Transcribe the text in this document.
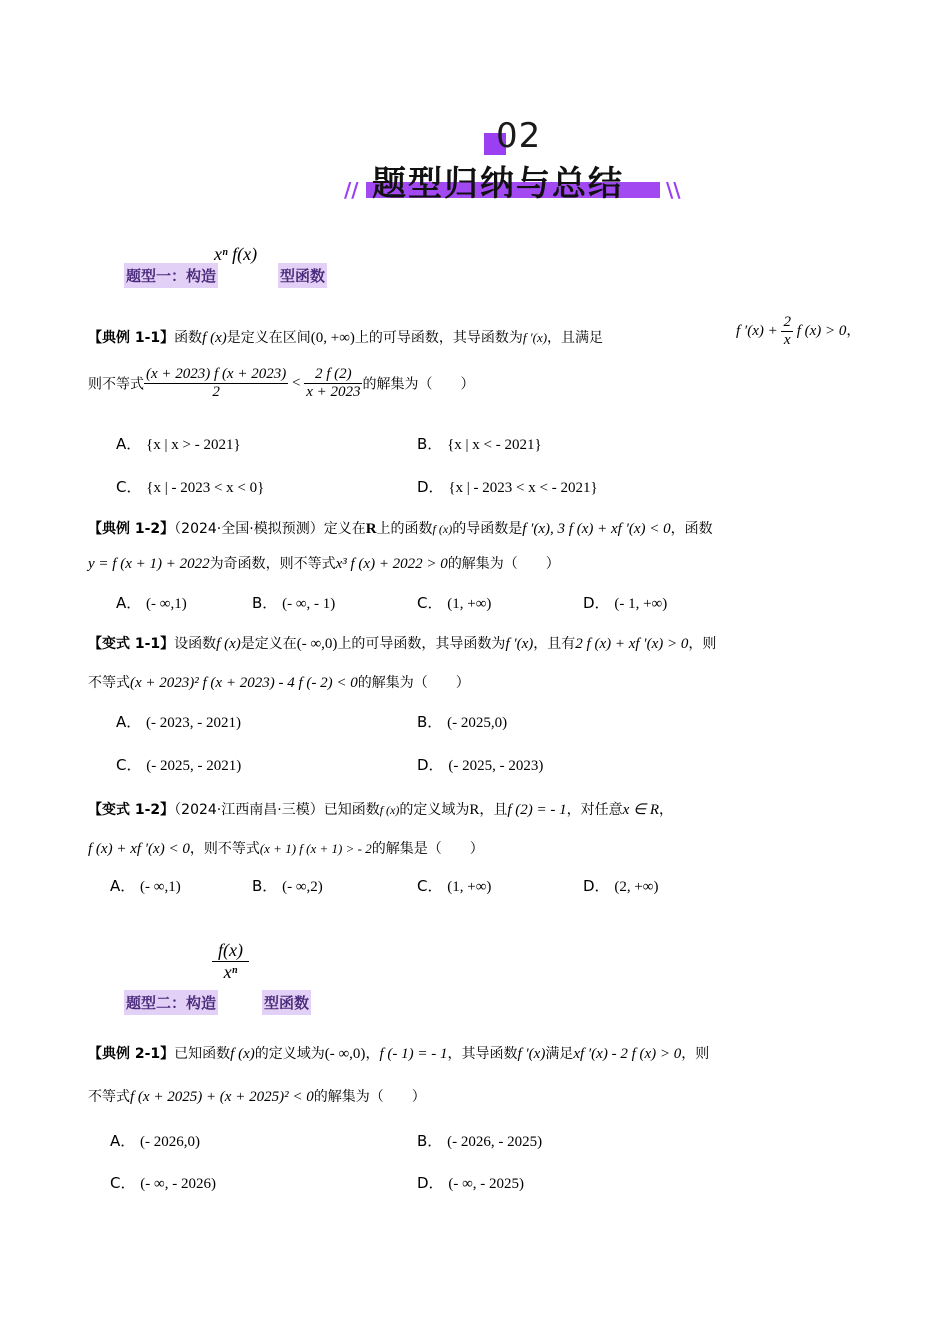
02
题型归纳与总结
//	\\
题型一：构造
xⁿ f(x)
型函数
【典例 1-1】函数f (x)是定义在区间(0, +∞)上的可导函数，其导函数为f ′(x)，且满足	f $'(x) + \frac{2}{x}$ f (x) > 0，
则不等式 $\frac{(x + 2023) f (x + 2023)}{2} < \frac{2 f (2)}{x + 2023}$ 的解集为（　　）
A． {x | x > - 2021}	B． {x | x < - 2021}
C． {x | - 2023 < x < 0}	D． {x | - 2023 < x < - 2021}
【典例 1-2】（2024·全国·模拟预测）定义在R上的函数f (x)的导函数是f ′(x), 3 f (x) + xf ′(x) < 0，函数
y = f (x + 1) + 2022为奇函数，则不等式x³ f (x) + 2022 > 0的解集为（　　）
A． (- ∞,1)	B． (- ∞, - 1)	C． (1, +∞)	D． (- 1, +∞)
【变式 1-1】设函数f (x)是定义在(- ∞,0)上的可导函数，其导函数为f ′(x)，且有2 f (x) + xf ′(x) > 0，则
不等式(x + 2023)² f (x + 2023) - 4 f (- 2) < 0的解集为（　　）
A． (- 2023, - 2021)	B． (- 2025,0)
C． (- 2025, - 2021)	D． (- 2025, - 2023)
【变式 1-2】（2024·江西南昌·三模）已知函数f (x)的定义域为R，且f (2) = - 1，对任意x ∈ R，
f (x) + xf ′(x) < 0，则不等式(x + 1) f (x + 1) > - 2的解集是（　　）
A． (- ∞,1)	B． (- ∞,2)	C． (1, +∞)	D． (2, +∞)
题型二：构造
$\frac{f(x)}{\text{xⁿ}}$
型函数
【典例 2-1】已知函数f (x)的定义域为(- ∞,0)，f (- 1) = - 1，其导函数f ′(x)满足xf ′(x) - 2 f (x) > 0，则
不等式f (x + 2025) + (x + 2025)² < 0的解集为（　　）
A． (- 2026,0)	B． (- 2026, - 2025)
C． (- ∞, - 2026)	D． (- ∞, - 2025)
